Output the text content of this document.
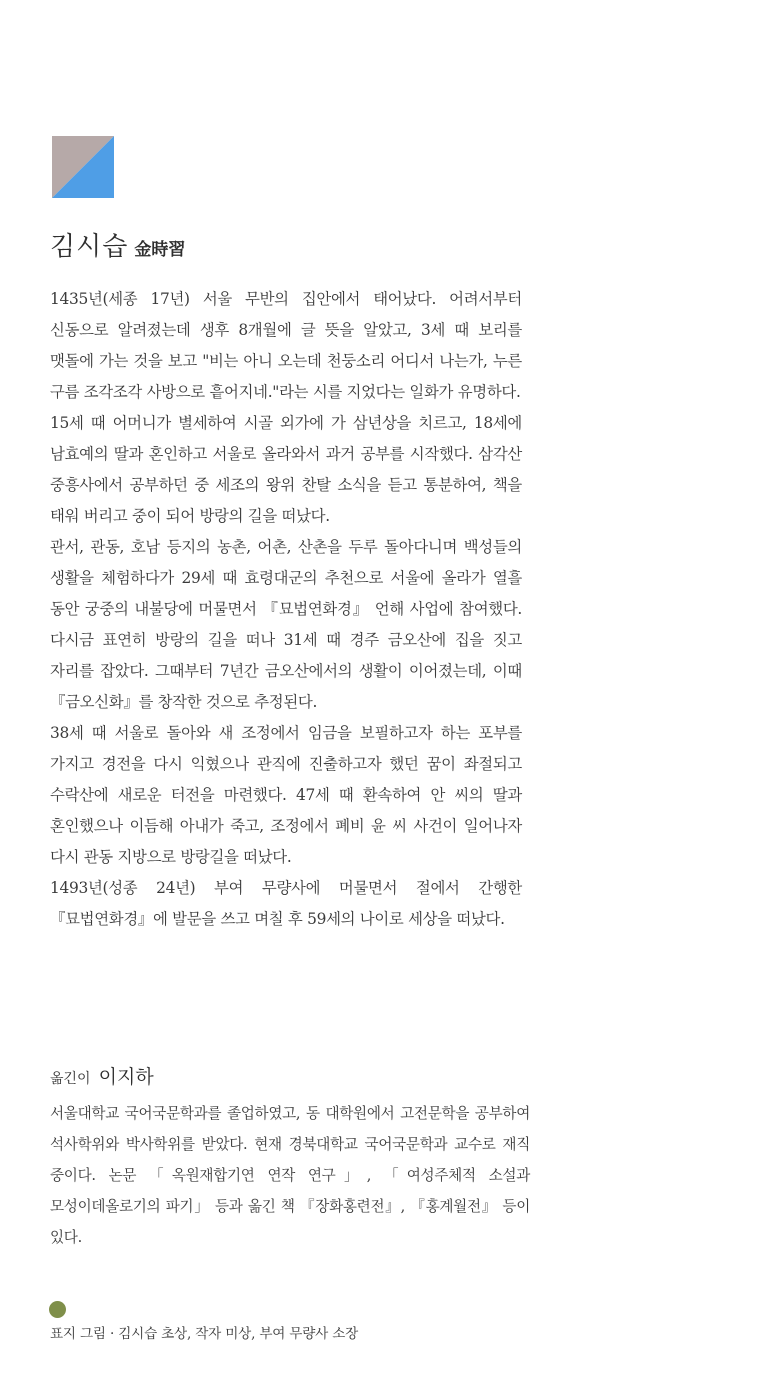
김시습 金時習

1435년(세종 17년) 서울 무반의 집안에서 태어났다. 어려서부터 신동으로 알려졌는데 생후 8개월에 글 뜻을 알았고, 3세 때 보리를 맷돌에 가는 것을 보고 "비는 아니 오는데 천둥소리 어디서 나는가, 누른 구름 조각조각 사방으로 흩어지네."라는 시를 지었다는 일화가 유명하다.

15세 때 어머니가 별세하여 시골 외가에 가 삼년상을 치르고, 18세에 남효예의 딸과 혼인하고 서울로 올라와서 과거 공부를 시작했다. 삼각산 중흥사에서 공부하던 중 세조의 왕위 찬탈 소식을 듣고 통분하여, 책을 태워 버리고 중이 되어 방랑의 길을 떠났다.

관서, 관동, 호남 등지의 농촌, 어촌, 산촌을 두루 돌아다니며 백성들의 생활을 체험하다가 29세 때 효령대군의 추천으로 서울에 올라가 열흘 동안 궁중의 내불당에 머물면서 『묘법연화경』 언해 사업에 참여했다. 다시금 표연히 방랑의 길을 떠나 31세 때 경주 금오산에 집을 짓고 자리를 잡았다. 그때부터 7년간 금오산에서의 생활이 이어졌는데, 이때 『금오신화』를 창작한 것으로 추정된다.

38세 때 서울로 돌아와 새 조정에서 임금을 보필하고자 하는 포부를 가지고 경전을 다시 익혔으나 관직에 진출하고자 했던 꿈이 좌절되고 수락산에 새로운 터전을 마련했다. 47세 때 환속하여 안 씨의 딸과 혼인했으나 이듬해 아내가 죽고, 조정에서 폐비 윤 씨 사건이 일어나자 다시 관동 지방으로 방랑길을 떠났다.

1493년(성종 24년) 부여 무량사에 머물면서 절에서 간행한 『묘법연화경』에 발문을 쓰고 며칠 후 59세의 나이로 세상을 떠났다.

옮긴이 이지하

서울대학교 국어국문학과를 졸업하였고, 동 대학원에서 고전문학을 공부하여 석사학위와 박사학위를 받았다. 현재 경북대학교 국어국문학과 교수로 재직 중이다. 논문 「옥원재합기연 연작 연구」, 「여성주체적 소설과 모성이데올로기의 파기」 등과 옮긴 책 『장화홍련전』, 『홍계월전』 등이 있다.

표지 그림 · 김시습 초상, 작자 미상, 부여 무량사 소장
